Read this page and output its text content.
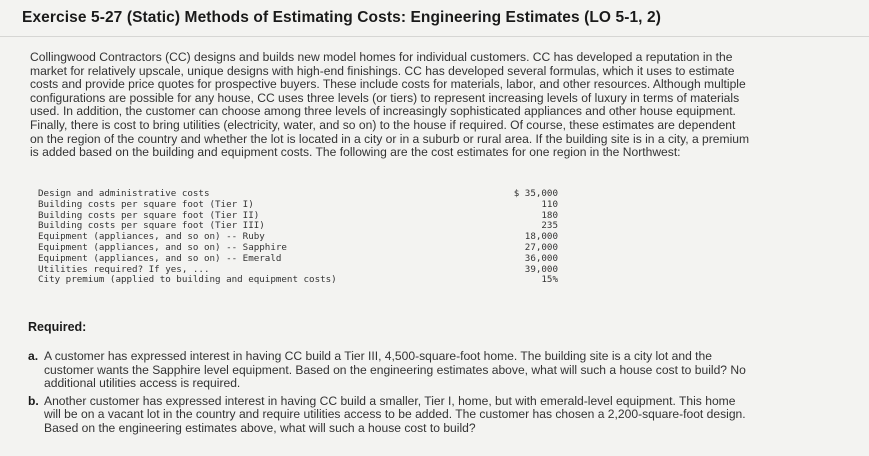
Exercise 5-27 (Static) Methods of Estimating Costs: Engineering Estimates (LO 5-1, 2)
Collingwood Contractors (CC) designs and builds new model homes for individual customers. CC has developed a reputation in the
market for relatively upscale, unique designs with high-end finishings. CC has developed several formulas, which it uses to estimate
costs and provide price quotes for prospective buyers. These include costs for materials, labor, and other resources. Although multiple
configurations are possible for any house, CC uses three levels (or tiers) to represent increasing levels of luxury in terms of materials
used. In addition, the customer can choose among three levels of increasingly sophisticated appliances and other house equipment.
Finally, there is cost to bring utilities (electricity, water, and so on) to the house if required. Of course, these estimates are dependent
on the region of the country and whether the lot is located in a city or in a suburb or rural area. If the building site is in a city, a premium
is added based on the building and equipment costs. The following are the cost estimates for one region in the Northwest:
Design and administrative costs	$ 35,000
Building costs per square foot (Tier I)	110
Building costs per square foot (Tier II)	180
Building costs per square foot (Tier III)	235
Equipment (appliances, and so on) -- Ruby	18,000
Equipment (appliances, and so on) -- Sapphire	27,000
Equipment (appliances, and so on) -- Emerald	36,000
Utilities required? If yes, ...	39,000
City premium (applied to building and equipment costs)	15%
Required:
a. A customer has expressed interest in having CC build a Tier III, 4,500-square-foot home. The building site is a city lot and the
customer wants the Sapphire level equipment. Based on the engineering estimates above, what will such a house cost to build? No
additional utilities access is required.
b. Another customer has expressed interest in having CC build a smaller, Tier I, home, but with emerald-level equipment. This home
will be on a vacant lot in the country and require utilities access to be added. The customer has chosen a 2,200-square-foot design.
Based on the engineering estimates above, what will such a house cost to build?
